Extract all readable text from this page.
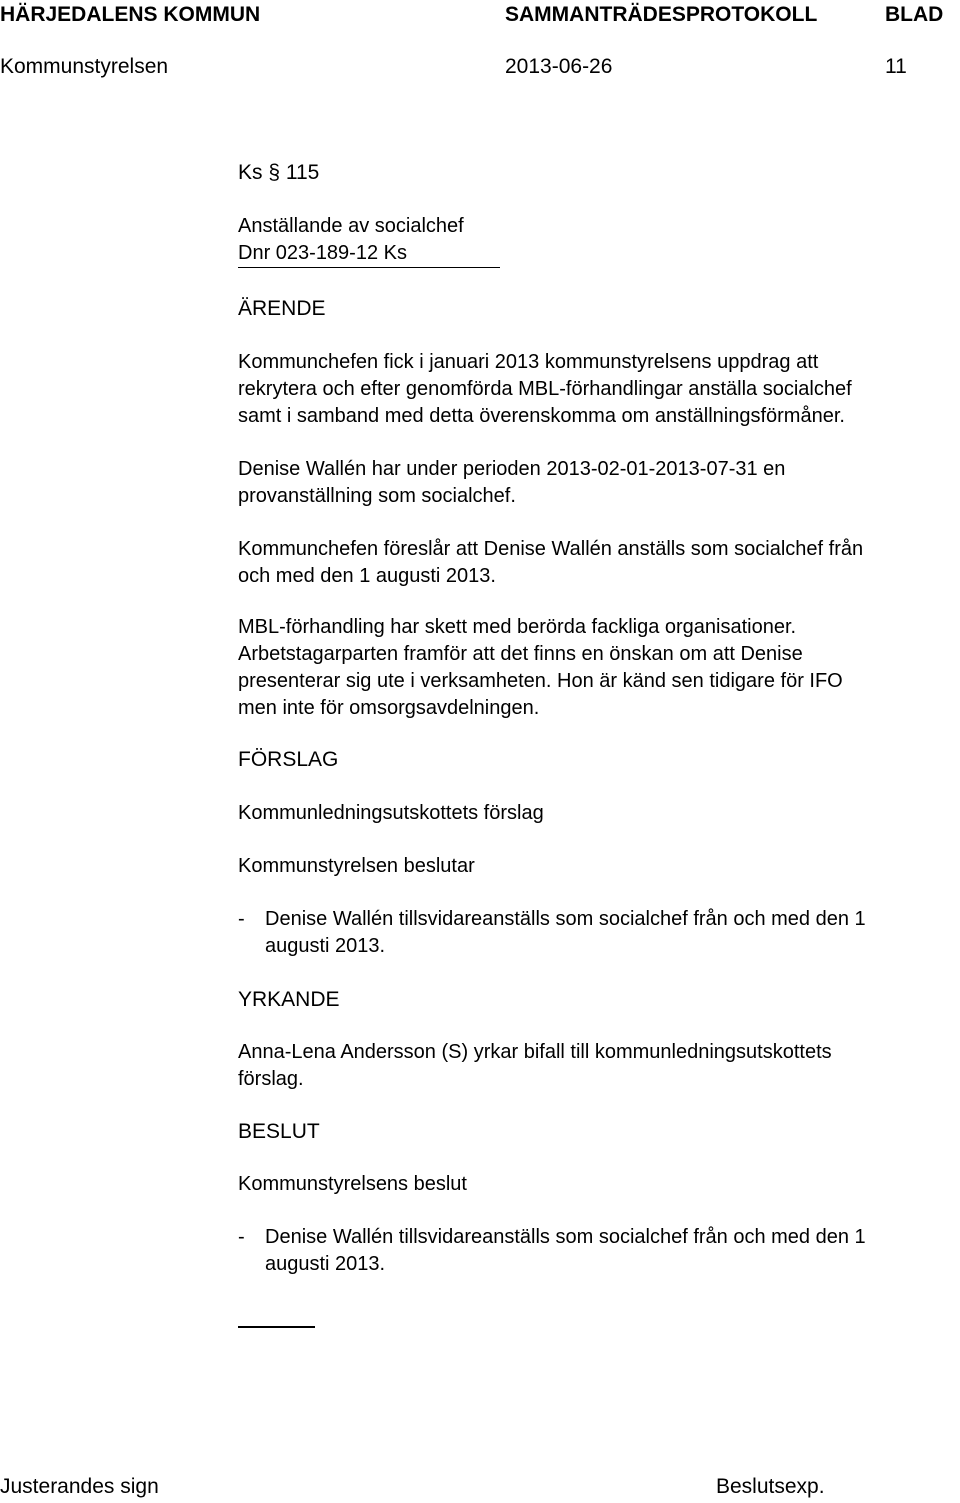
HÄRJEDALENS KOMMUN	SAMMANTRÄDESPROTOKOLL	BLAD
Kommunstyrelsen	2013-06-26	11

Ks § 115

Anställande av socialchef

Dnr 023-189-12 Ks

ÄRENDE

Kommunchefen fick i januari 2013 kommunstyrelsens uppdrag att
rekrytera och efter genomförda MBL-förhandlingar anställa socialchef
samt i samband med detta överenskomma om anställningsförmåner.
Denise Wallén har under perioden 2013-02-01-2013-07-31 en
provanställning som socialchef.
Kommunchefen föreslår att Denise Wallén anställs som socialchef från
och med den 1 augusti 2013.
MBL-förhandling har skett med berörda fackliga organisationer.
Arbetstagarparten framför att det finns en önskan om att Denise
presenterar sig ute i verksamheten. Hon är känd sen tidigare för IFO
men inte för omsorgsavdelningen.

FÖRSLAG

Kommunledningsutskottets förslag

Kommunstyrelsen beslutar

- Denise Wallén tillsvidareanställs som socialchef från och med den 1
augusti 2013.

YRKANDE

Anna-Lena Andersson (S) yrkar bifall till kommunledningsutskottets
förslag.

BESLUT

Kommunstyrelsens beslut

- Denise Wallén tillsvidareanställs som socialchef från och med den 1
augusti 2013.
Justerandes sign	Beslutsexp.
